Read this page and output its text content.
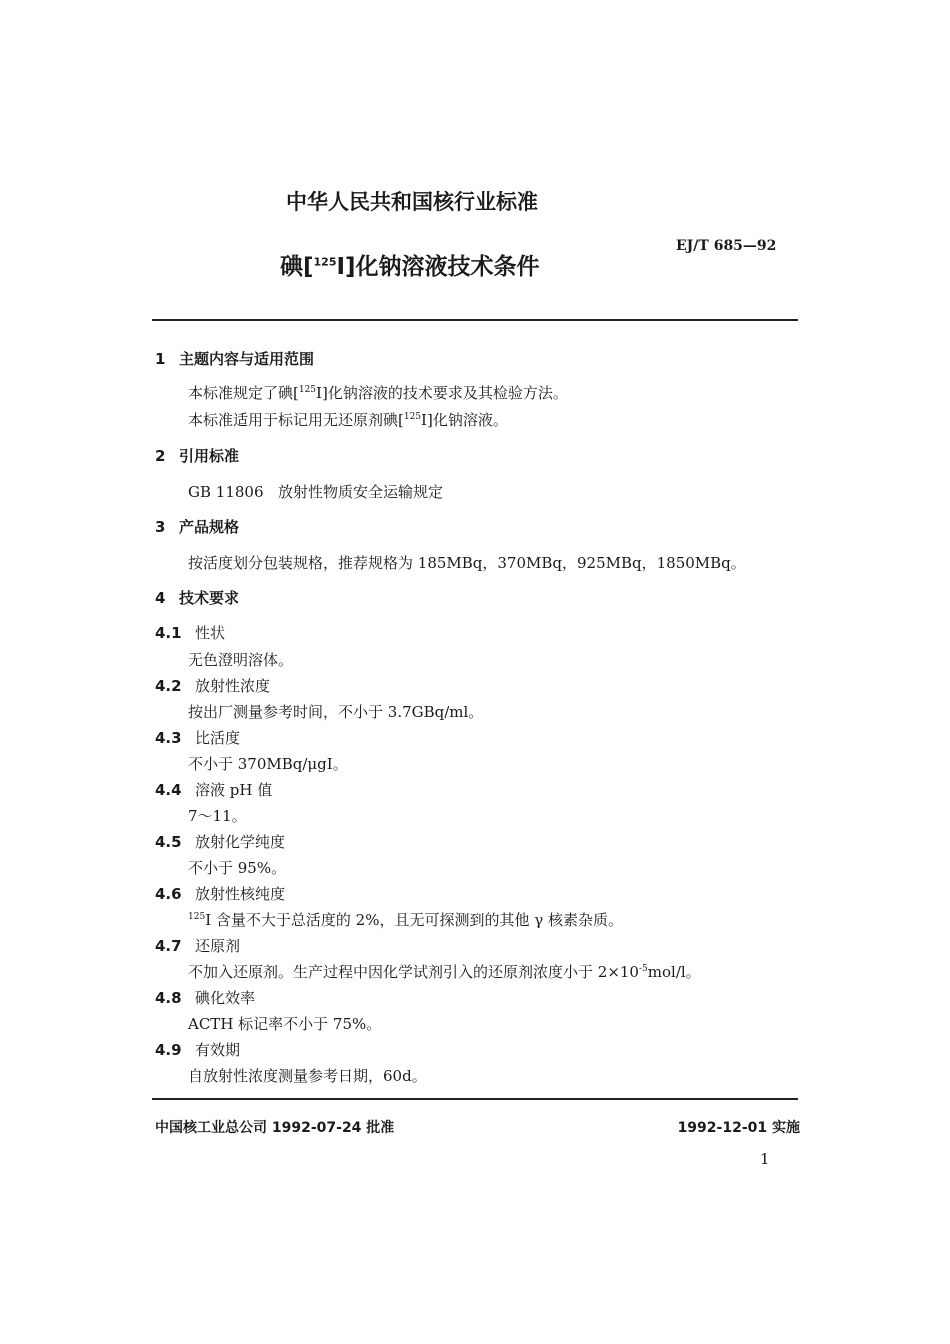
中华人民共和国核行业标准
碘[$^{125}$I]化钠溶液技术条件
EJ/T 685—92
1 主题内容与适用范围
本标准规定了碘[$^{125}$I]化钠溶液的技术要求及其检验方法。
本标准适用于标记用无还原剂碘[$^{125}$I]化钠溶液。
2 引用标准
GB 11806 放射性物质安全运输规定
3 产品规格
按活度划分包装规格，推荐规格为 185MBq，370MBq，925MBq，1850MBq。
4 技术要求
4.1 性状
无色澄明溶体。
4.2 放射性浓度
按出厂测量参考时间，不小于 3.7GBq/ml。
4.3 比活度
不小于 370MBq/μgI。
4.4 溶液 pH 值
7～11。
4.5 放射化学纯度
不小于 95%。
4.6 放射性核纯度
$^{125}$I 含量不大于总活度的 2%，且无可探测到的其他 γ 核素杂质。
4.7 还原剂
不加入还原剂。生产过程中因化学试剂引入的还原剂浓度小于 $2\times 10^{-5}mol/l$。
4.8 碘化效率
ACTH 标记率不小于 75%。
4.9 有效期
自放射性浓度测量参考日期，60d。
中国核工业总公司 1992-07-24 批准	1992-12-01 实施
1
